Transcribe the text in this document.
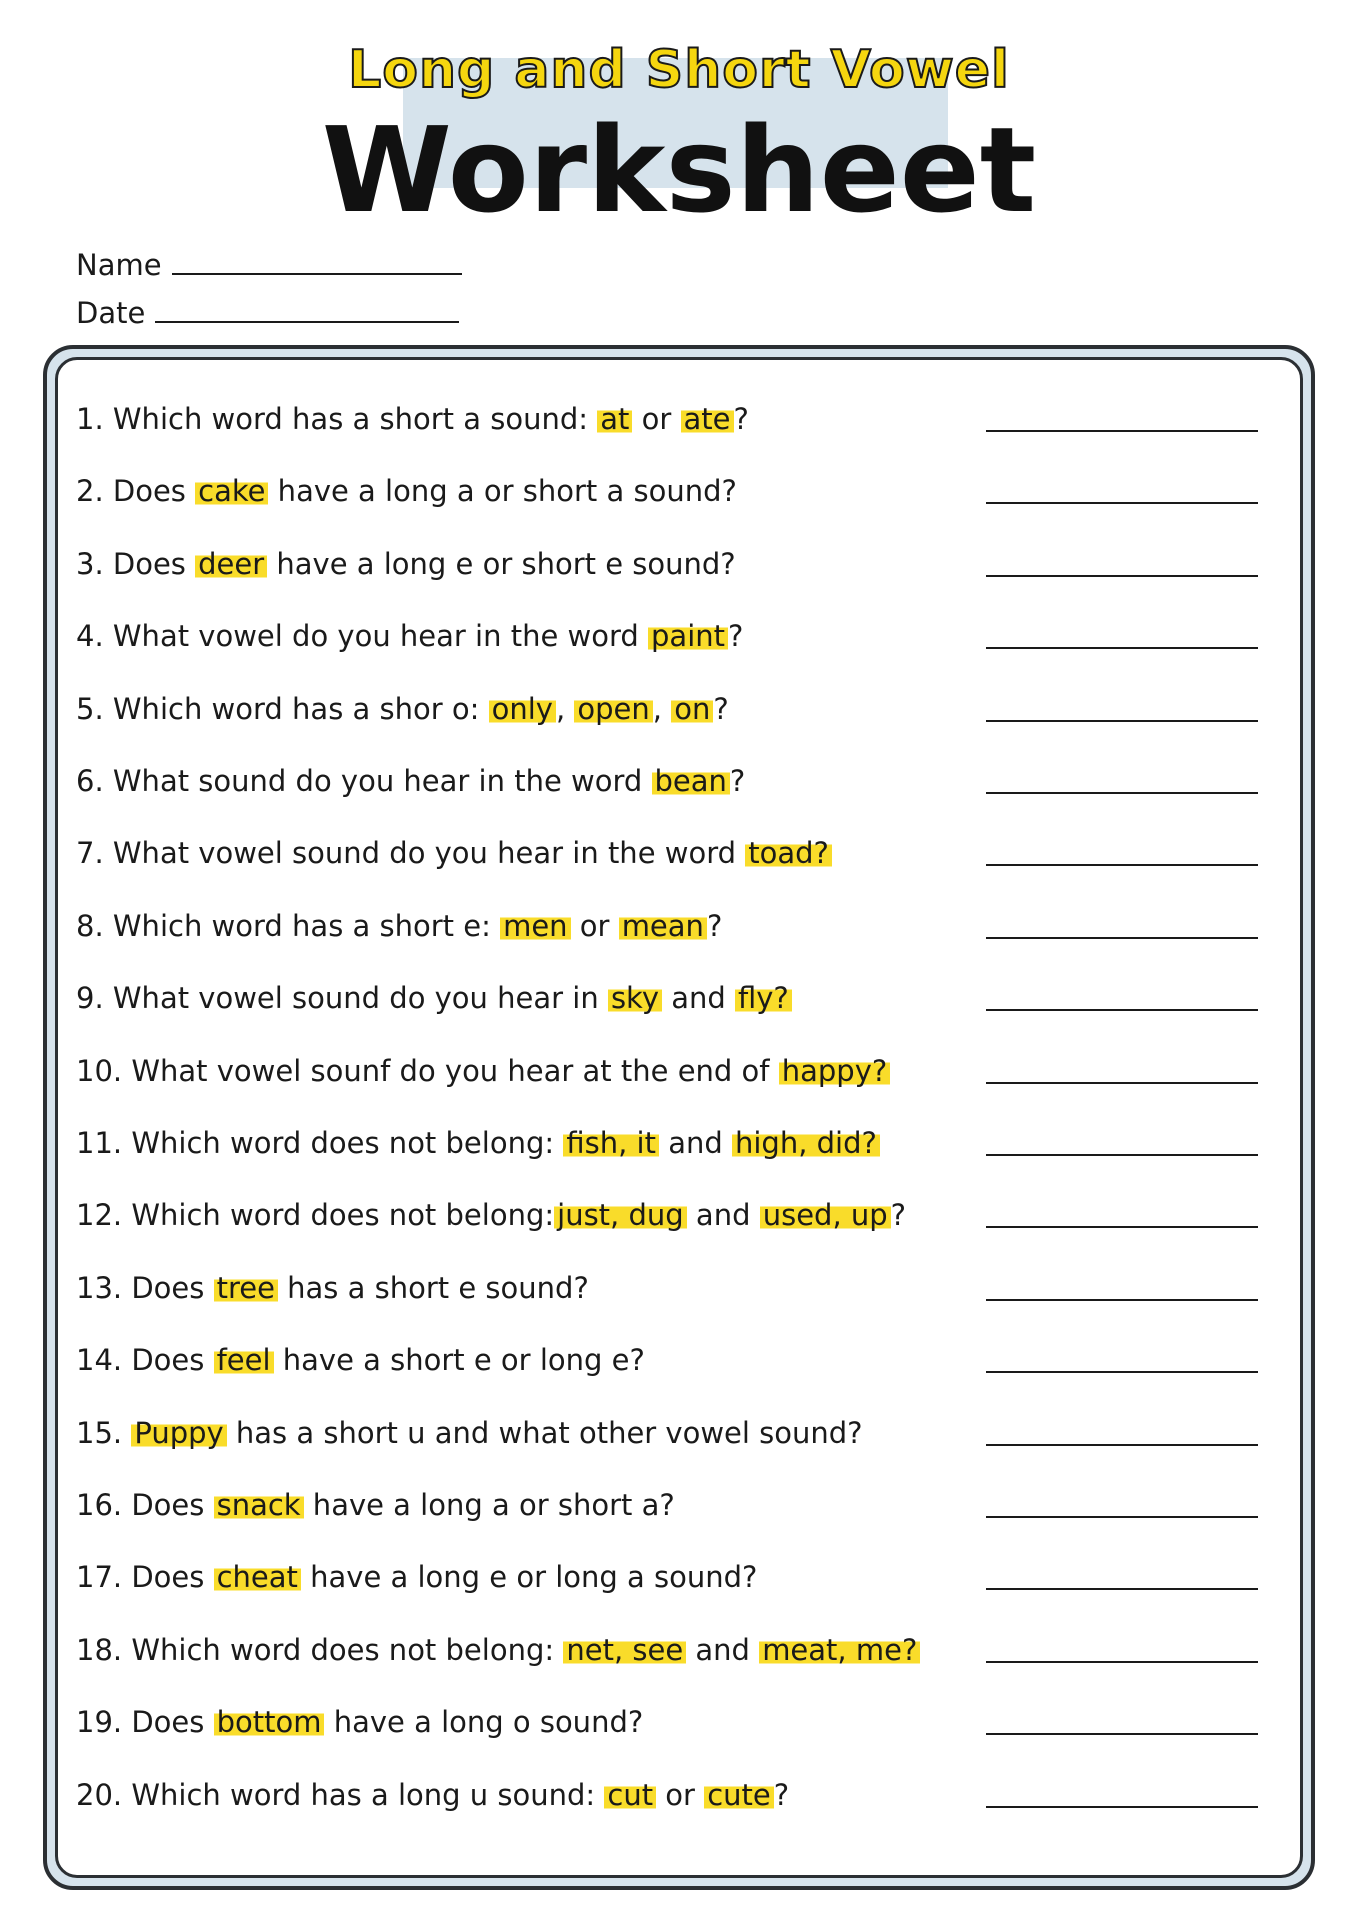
Long and Short Vowel
Worksheet
Name
Date
1. Which word has a short a sound: at or ate ?
2. Does cake have a long a or short a sound?
3. Does deer have a long e or short e sound?
4. What vowel do you hear in the word paint ?
5. Which word has a shor o: only , open , on ?
6. What sound do you hear in the word bean ?
7. What vowel sound do you hear in the word toad?
8. Which word has a short e: men or mean ?
9. What vowel sound do you hear in sky and fly?
10. What vowel sounf do you hear at the end of happy?
11. Which word does not belong: fish, it and high, did?
12. Which word does not belong: just, dug and used, up ?
13. Does tree has a short e sound?
14. Does feel have a short e or long e?
15. Puppy has a short u and what other vowel sound?
16. Does snack have a long a or short a?
17. Does cheat have a long e or long a sound?
18. Which word does not belong: net, see and meat, me?
19. Does bottom have a long o sound?
20. Which word has a long u sound: cut or cute ?
